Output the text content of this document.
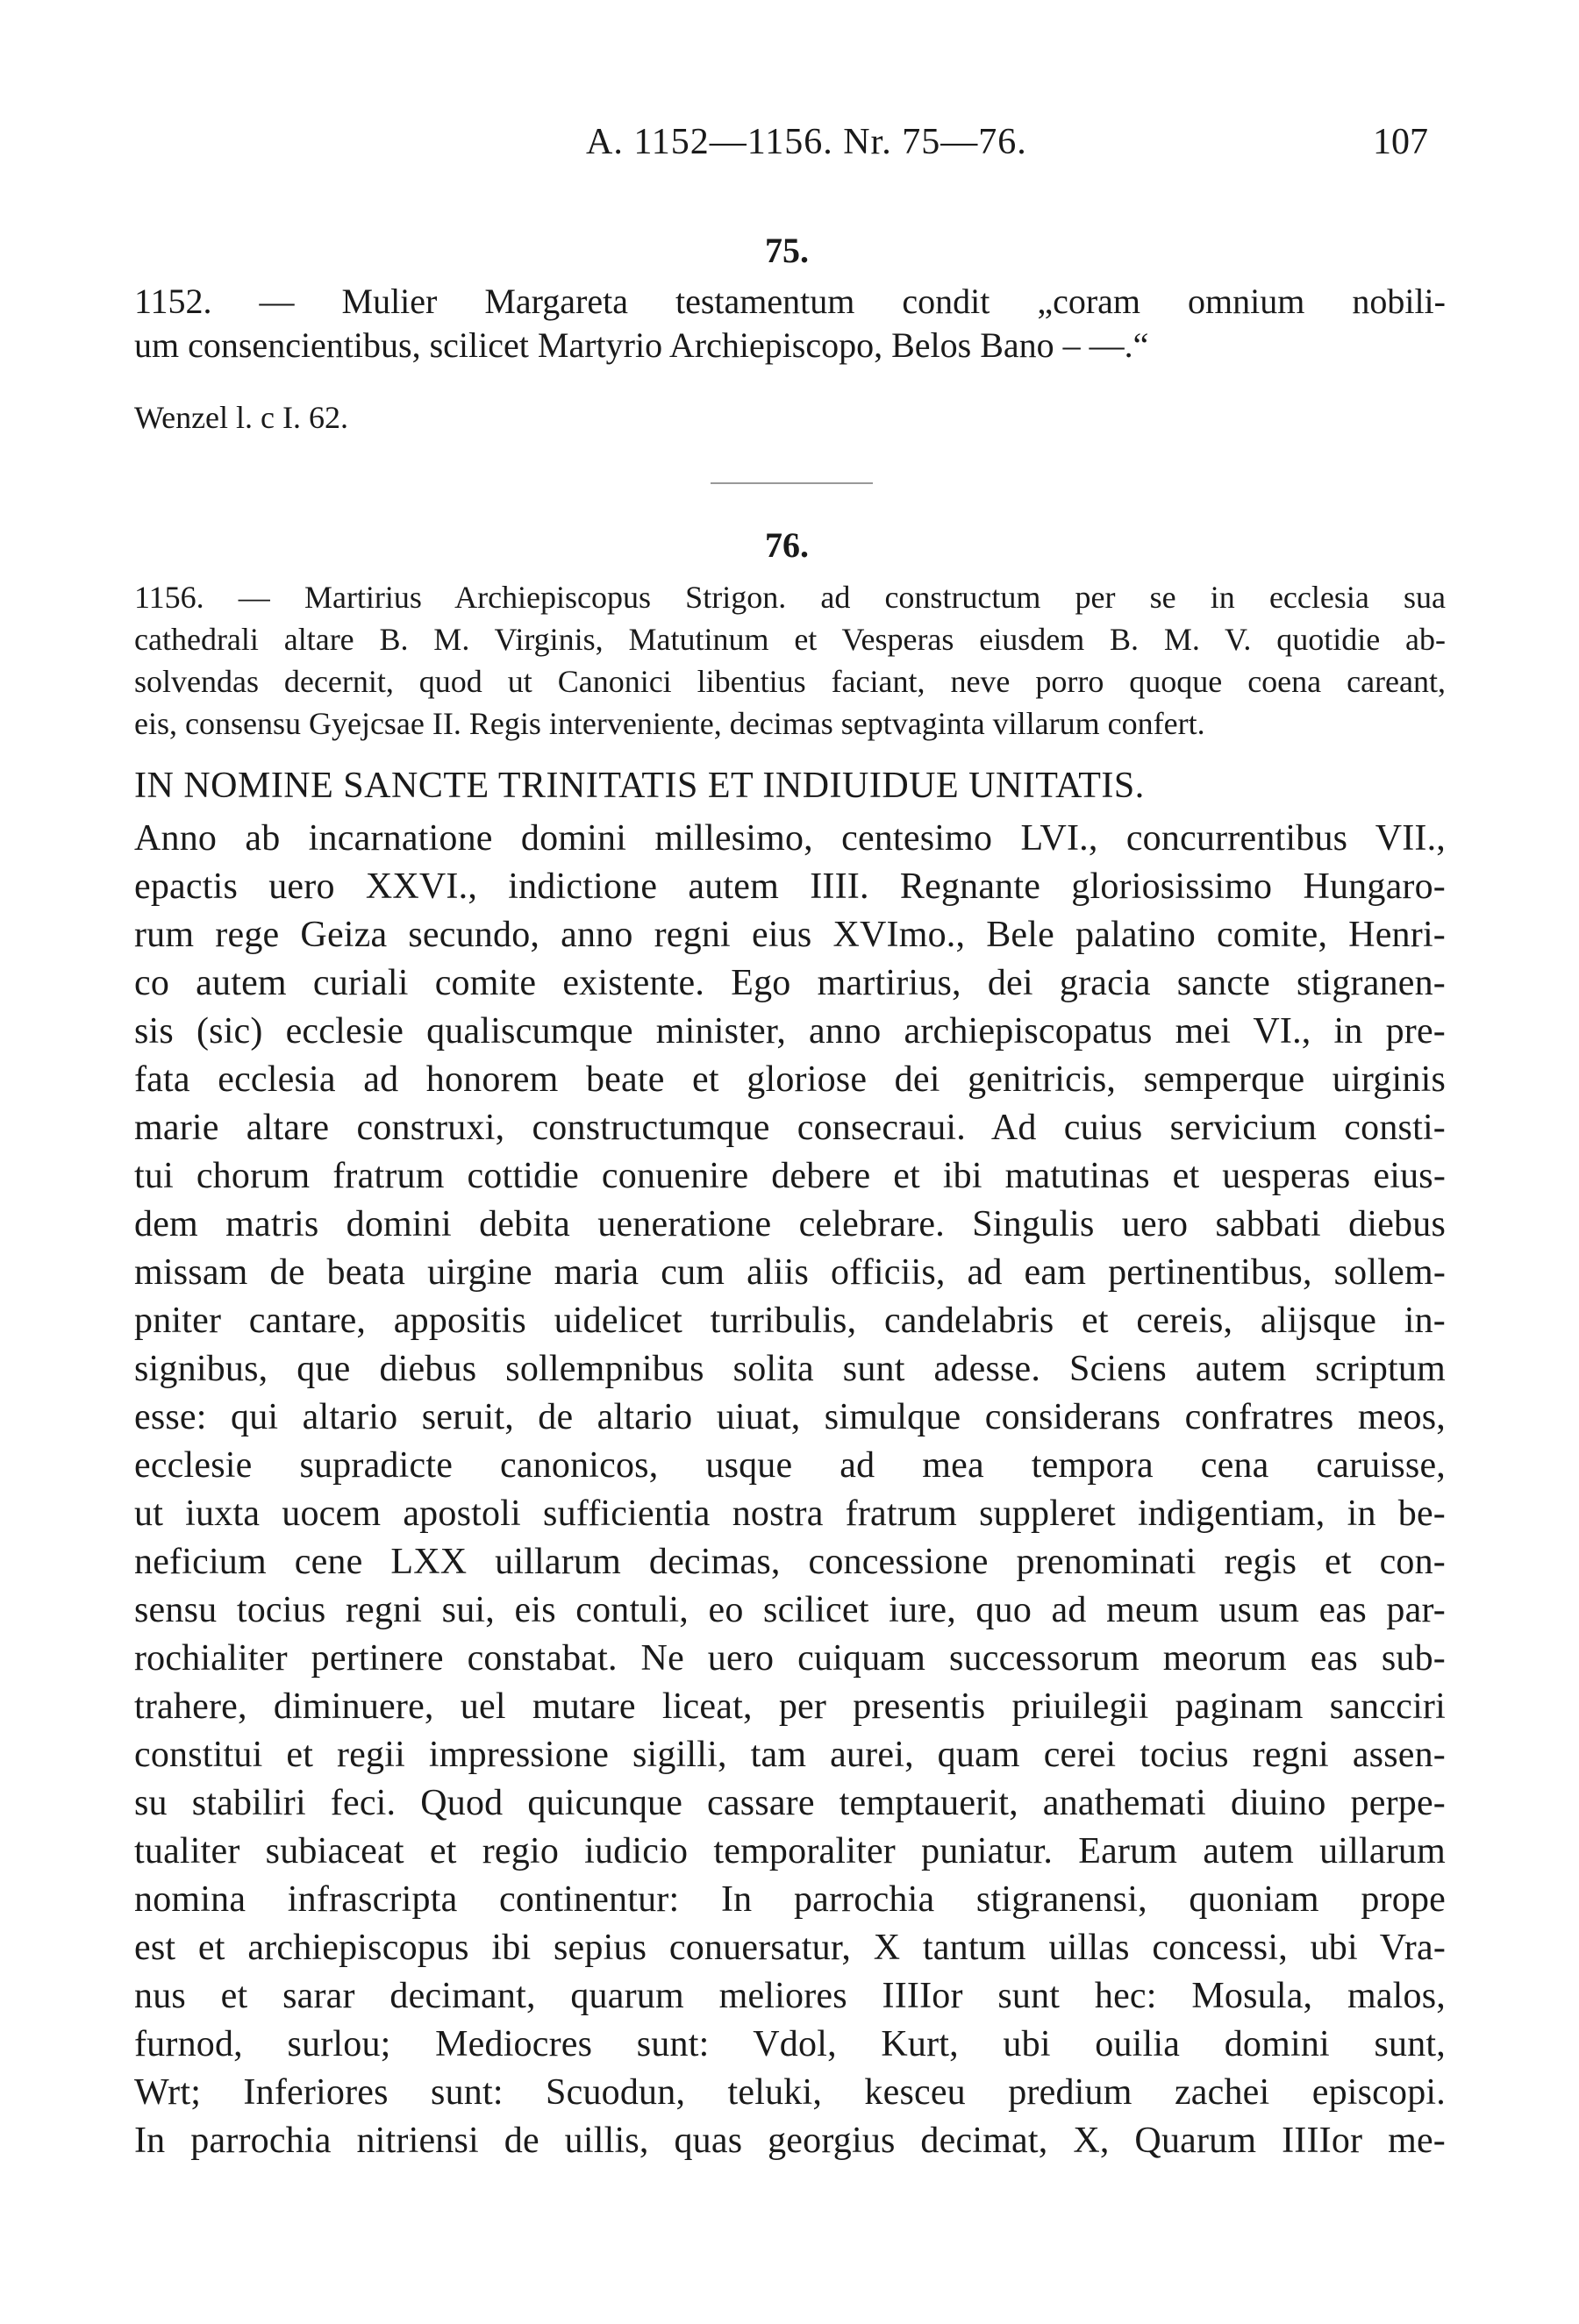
A. 1152—1156. Nr. 75—76.	107
75.
1152. — Mulier Margareta testamentum condit „coram omnium nobili-
um consencientibus, scilicet Martyrio Archiepiscopo, Belos Bano – —.“
Wenzel l. c I. 62.
76.
1156. — Martirius Archiepiscopus Strigon. ad constructum per se in ecclesia sua
cathedrali altare B. M. Virginis, Matutinum et Vesperas eiusdem B. M. V. quotidie ab-
solvendas decernit, quod ut Canonici libentius faciant, neve porro quoque coena careant,
eis, consensu Gyejcsae II. Regis interveniente, decimas septvaginta villarum confert.
IN NOMINE SANCTE TRINITATIS ET INDIUIDUE UNITATIS.
Anno ab incarnatione domini millesimo, centesimo LVI., concurrentibus VII.,
epactis uero XXVI., indictione autem IIII. Regnante gloriosissimo Hungaro-
rum rege Geiza secundo, anno regni eius XVImo., Bele palatino comite, Henri-
co autem curiali comite existente. Ego martirius, dei gracia sancte stigranen-
sis (sic) ecclesie qualiscumque minister, anno archiepiscopatus mei VI., in pre-
fata ecclesia ad honorem beate et gloriose dei genitricis, semperque uirginis
marie altare construxi, constructumque consecraui. Ad cuius servicium consti-
tui chorum fratrum cottidie conuenire debere et ibi matutinas et uesperas eius-
dem matris domini debita ueneratione celebrare. Singulis uero sabbati diebus
missam de beata uirgine maria cum aliis officiis, ad eam pertinentibus, sollem-
pniter cantare, appositis uidelicet turribulis, candelabris et cereis, alijsque in-
signibus, que diebus sollempnibus solita sunt adesse. Sciens autem scriptum
esse: qui altario seruit, de altario uiuat, simulque considerans confratres meos,
ecclesie supradicte canonicos, usque ad mea tempora cena caruisse,
ut iuxta uocem apostoli sufficientia nostra fratrum suppleret indigentiam, in be-
neficium cene LXX uillarum decimas, concessione prenominati regis et con-
sensu tocius regni sui, eis contuli, eo scilicet iure, quo ad meum usum eas par-
rochialiter pertinere constabat. Ne uero cuiquam successorum meorum eas sub-
trahere, diminuere, uel mutare liceat, per presentis priuilegii paginam sancciri
constitui et regii impressione sigilli, tam aurei, quam cerei tocius regni assen-
su stabiliri feci. Quod quicunque cassare temptauerit, anathemati diuino perpe-
tualiter subiaceat et regio iudicio temporaliter puniatur. Earum autem uillarum
nomina infrascripta continentur: In parrochia stigranensi, quoniam prope
est et archiepiscopus ibi sepius conuersatur, X tantum uillas concessi, ubi Vra-
nus et sarar decimant, quarum meliores IIIIor sunt hec: Mosula, malos,
furnod, surlou; Mediocres sunt: Vdol, Kurt, ubi ouilia domini sunt,
Wrt; Inferiores sunt: Scuodun, teluki, kesceu predium zachei episcopi.
In parrochia nitriensi de uillis, quas georgius decimat, X, Quarum IIIIor me-
